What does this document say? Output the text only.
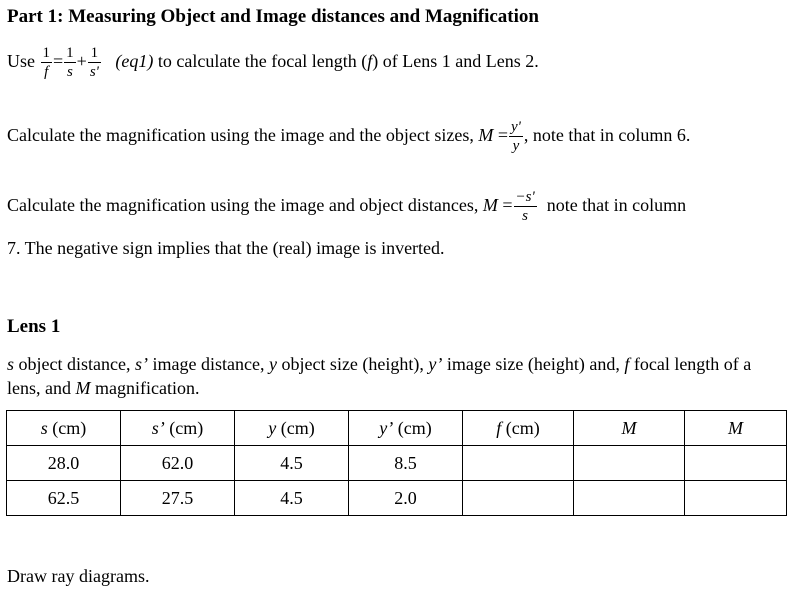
Part 1: Measuring Object and Image distances and Magnification
Use $\frac{1}{f} = \frac{1}{s} + \frac{1}{s'} (eq1)$ to calculate the focal length (f) of Lens 1 and Lens 2.
Calculate the magnification using the image and the object sizes, $M = \frac{y'}{y}$ , note that in column 6.
Calculate the magnification using the image and object distances, $M = \frac{-s'}{s}$ note that in column
7. The negative sign implies that the (real) image is inverted.
Lens 1
s object distance, s’ image distance, y object size (height), y’ image size (height) and, f focal length of a lens, and M magnification.
s (cm)	s’ (cm)	y (cm)	y’ (cm)	f (cm)	M	M
28.0	62.0	4.5	8.5			
62.5	27.5	4.5	2.0			
Draw ray diagrams.
